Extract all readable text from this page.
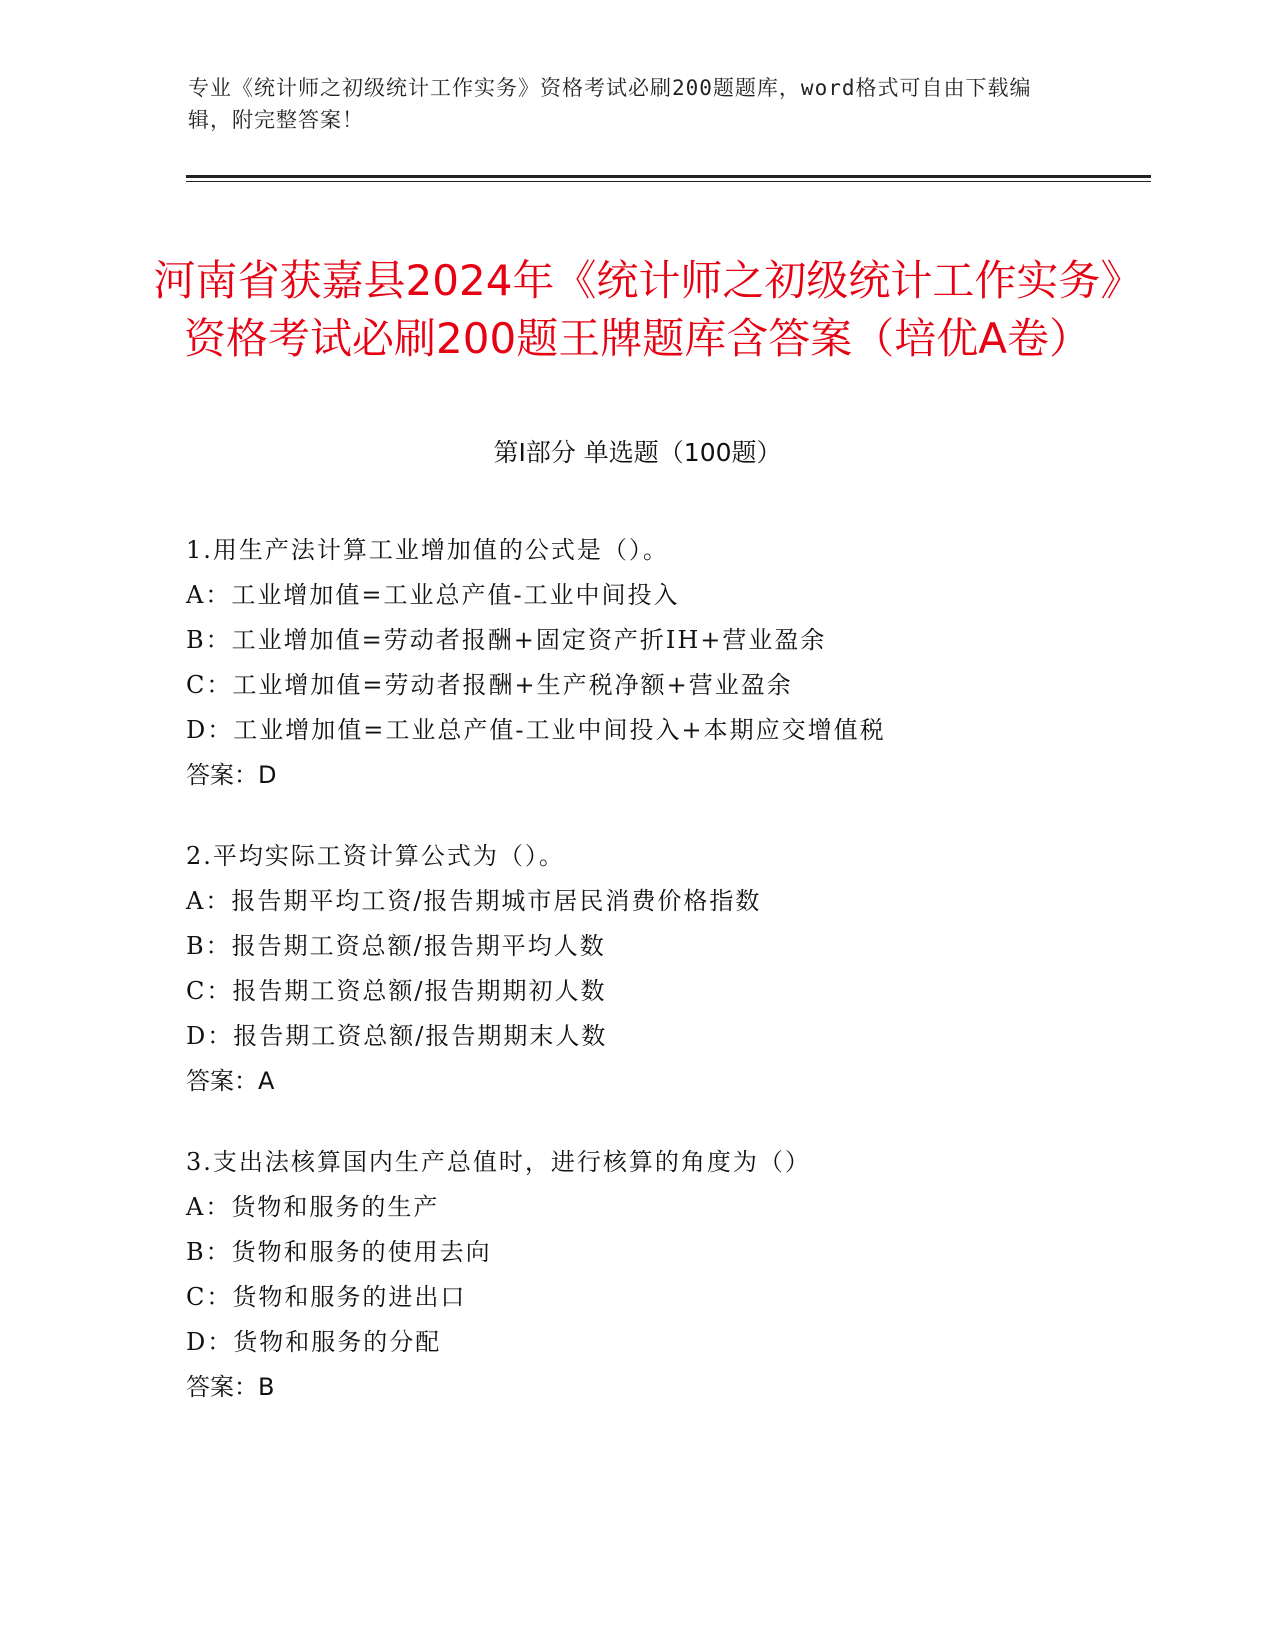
专业《统计师之初级统计工作实务》资格考试必刷200题题库，word格式可自由下载编辑，附完整答案！
河南省获嘉县2024年《统计师之初级统计工作实务》资格考试必刷200题王牌题库含答案（培优A卷）
第Ⅰ部分 单选题（100题）
1.用生产法计算工业增加值的公式是（）。
A：工业增加值=工业总产值-工业中间投入
B：工业增加值=劳动者报酬+固定资产折IH+营业盈余
C：工业增加值=劳动者报酬+生产税净额+营业盈余
D：工业增加值=工业总产值-工业中间投入+本期应交增值税
答案：D
2.平均实际工资计算公式为（）。
A：报告期平均工资/报告期城市居民消费价格指数
B：报告期工资总额/报告期平均人数
C：报告期工资总额/报告期期初人数
D：报告期工资总额/报告期期末人数
答案：A
3.支出法核算国内生产总值时，进行核算的角度为（）
A：货物和服务的生产
B：货物和服务的使用去向
C：货物和服务的进出口
D：货物和服务的分配
答案：B
